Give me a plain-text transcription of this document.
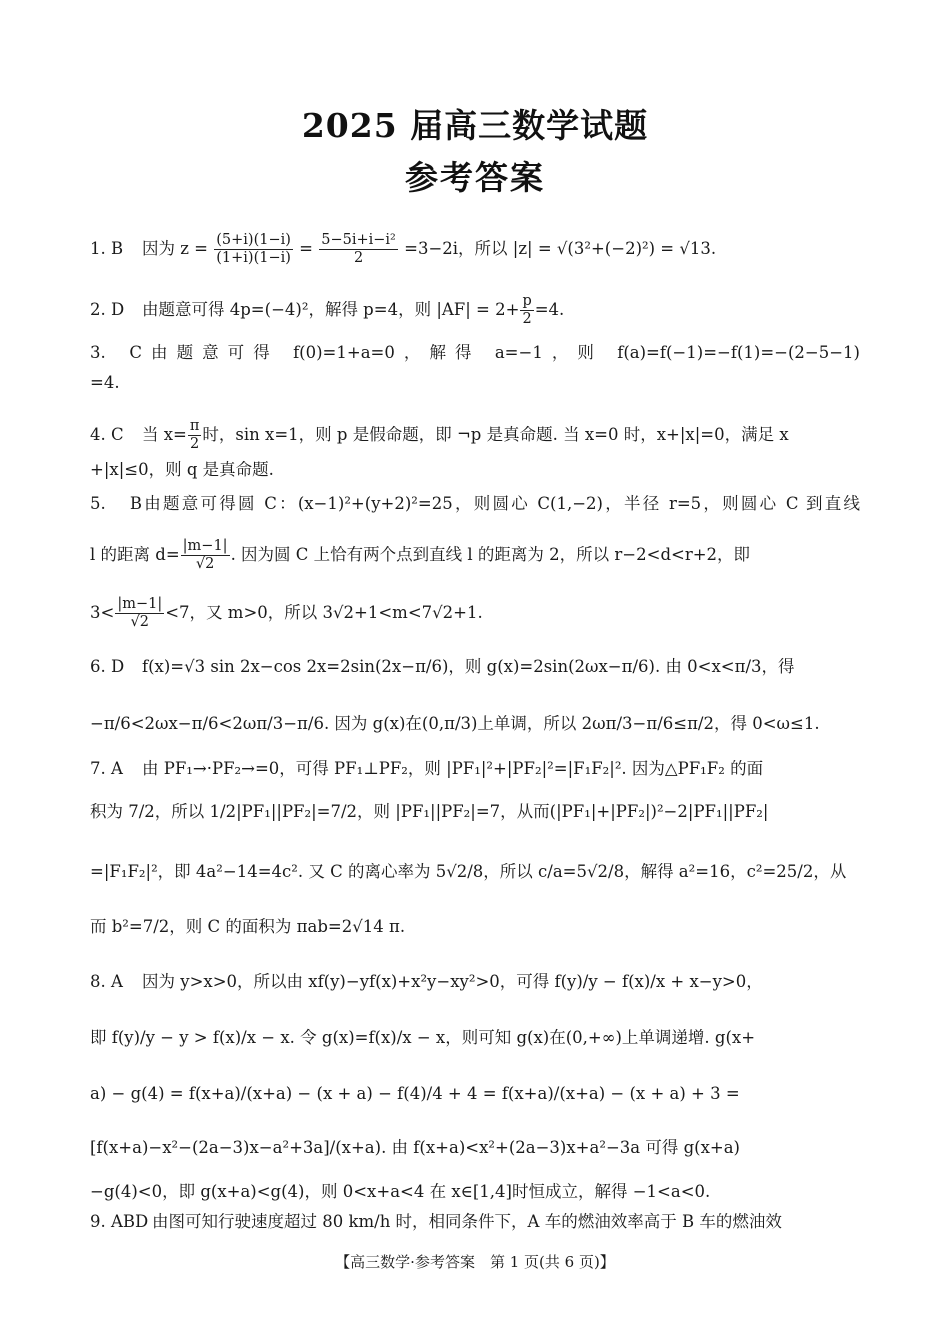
2025 届高三数学试题
参考答案
1. B 因为 $z = \frac{(5+i)(1-i)}{(1+i)(1-i)} = \frac{\text{5−5i+i−i²}}{2} =3-2i$，所以 |z| = √(3²+(−2)²) = √13.
2. D 由题意可得 4p=(−4)²，解得 p=4，则 $|AF| = 2+ \frac{p}{2} =4$.
3. C由题意可得 f(0)=1+a=0，解得 a=−1，则 f(a)=f(−1)=−f(1)=−(2−5−1)
=4.
4. C 当 $x= \frac{\pi}{2}$ 时，sin x=1，则 p 是假命题，即 ¬p 是真命题. 当 x=0 时，x+|x|=0，满足 x
+|x|≤0，则 q 是真命题.
5. B由题意可得圆 C：(x−1)²+(y+2)²=25，则圆心 C(1,−2)，半径 r=5，则圆心 C 到直线
l 的距离 $d= \frac{|m-1|}{√2}$ . 因为圆 C 上恰有两个点到直线 l 的距离为 2，所以 r−2<d<r+2，即
$3< \frac{|m-1|}{√2} <7$，又 m>0，所以 3√2+1<m<7√2+1.
6. D f(x)=√3 sin 2x−cos 2x=2sin(2x−π/6)，则 g(x)=2sin(2ωx−π/6). 由 0<x<π/3，得
−π/6<2ωx−π/6<2ωπ/3−π/6. 因为 g(x)在(0,π/3)上单调，所以 2ωπ/3−π/6≤π/2，得 0<ω≤1.
7. A 由 PF₁→·PF₂→=0，可得 PF₁⊥PF₂，则 |PF₁|²+|PF₂|²=|F₁F₂|². 因为△PF₁F₂ 的面
积为 7/2，所以 1/2|PF₁||PF₂|=7/2，则 |PF₁||PF₂|=7，从而(|PF₁|+|PF₂|)²−2|PF₁||PF₂|
=|F₁F₂|²，即 4a²−14=4c². 又 C 的离心率为 5√2/8，所以 c/a=5√2/8，解得 a²=16，c²=25/2，从
而 b²=7/2，则 C 的面积为 πab=2√14 π.
8. A 因为 y>x>0，所以由 xf(y)−yf(x)+x²y−xy²>0，可得 f(y)/y − f(x)/x + x−y>0，
即 f(y)/y − y > f(x)/x − x. 令 g(x)=f(x)/x − x，则可知 g(x)在(0,+∞)上单调递增. g(x+
a) − g(4) = f(x+a)/(x+a) − (x + a) − f(4)/4 + 4 = f(x+a)/(x+a) − (x + a) + 3 =
[f(x+a)−x²−(2a−3)x−a²+3a]/(x+a). 由 f(x+a)<x²+(2a−3)x+a²−3a 可得 g(x+a)
−g(4)<0，即 g(x+a)<g(4)，则 0<x+a<4 在 x∈[1,4]时恒成立，解得 −1<a<0.
9. ABD 由图可知行驶速度超过 80 km/h 时，相同条件下，A 车的燃油效率高于 B 车的燃油效
【高三数学·参考答案　第 1 页(共 6 页)】
